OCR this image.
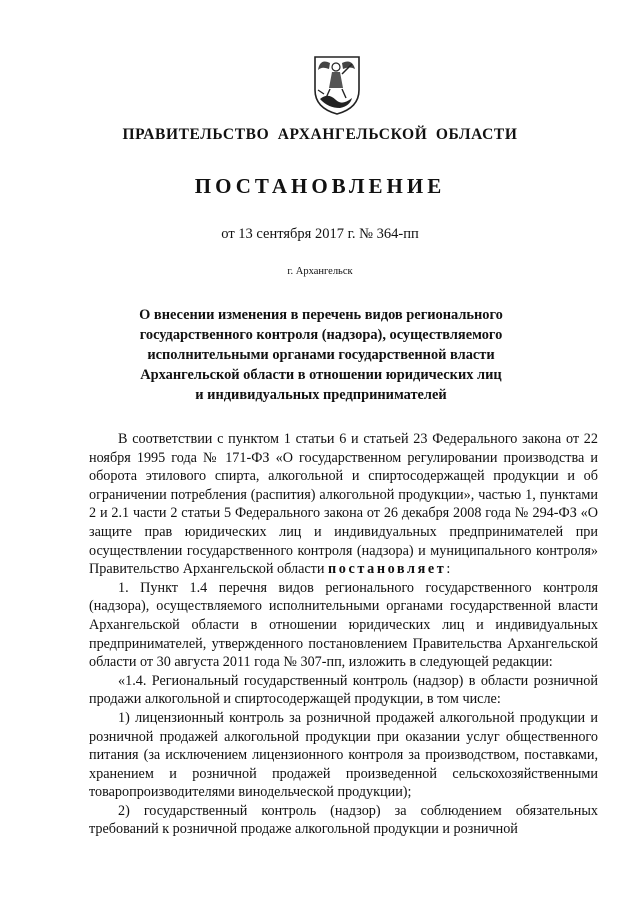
ПРАВИТЕЛЬСТВО АРХАНГЕЛЬСКОЙ ОБЛАСТИ
ПОСТАНОВЛЕНИЕ
от 13 сентября 2017 г. № 364-пп
г. Архангельск
О внесении изменения в перечень видов регионального
государственного контроля (надзора), осуществляемого
исполнительными органами государственной власти
Архангельской области в отношении юридических лиц
и индивидуальных предпринимателей

В соответствии с пунктом 1 статьи 6 и статьей 23 Федерального закона от 22 ноября 1995 года № 171-ФЗ «О государственном регулировании производства и оборота этилового спирта, алкогольной и спиртосодержащей продукции и об ограничении потребления (распития) алкогольной продукции», частью 1, пунктами 2 и 2.1 части 2 статьи 5 Федерального закона от 26 декабря 2008 года № 294-ФЗ «О защите прав юридических лиц и индивидуальных предпринимателей при осуществлении государственного контроля (надзора) и муниципального контроля» Правительство Архангельской области постановляет:

1. Пункт 1.4 перечня видов регионального государственного контроля (надзора), осуществляемого исполнительными органами государственной власти Архангельской области в отношении юридических лиц и индивидуальных предпринимателей, утвержденного постановлением Правительства Архангельской области от 30 августа 2011 года № 307-пп, изложить в следующей редакции:

«1.4. Региональный государственный контроль (надзор) в области розничной продажи алкогольной и спиртосодержащей продукции, в том числе:

1) лицензионный контроль за розничной продажей алкогольной продукции и розничной продажей алкогольной продукции при оказании услуг общественного питания (за исключением лицензионного контроля за производством, поставками, хранением и розничной продажей произведенной сельскохозяйственными товаропроизводителями винодельческой продукции);

2) государственный контроль (надзор) за соблюдением обязательных требований к розничной продаже алкогольной продукции и розничной
